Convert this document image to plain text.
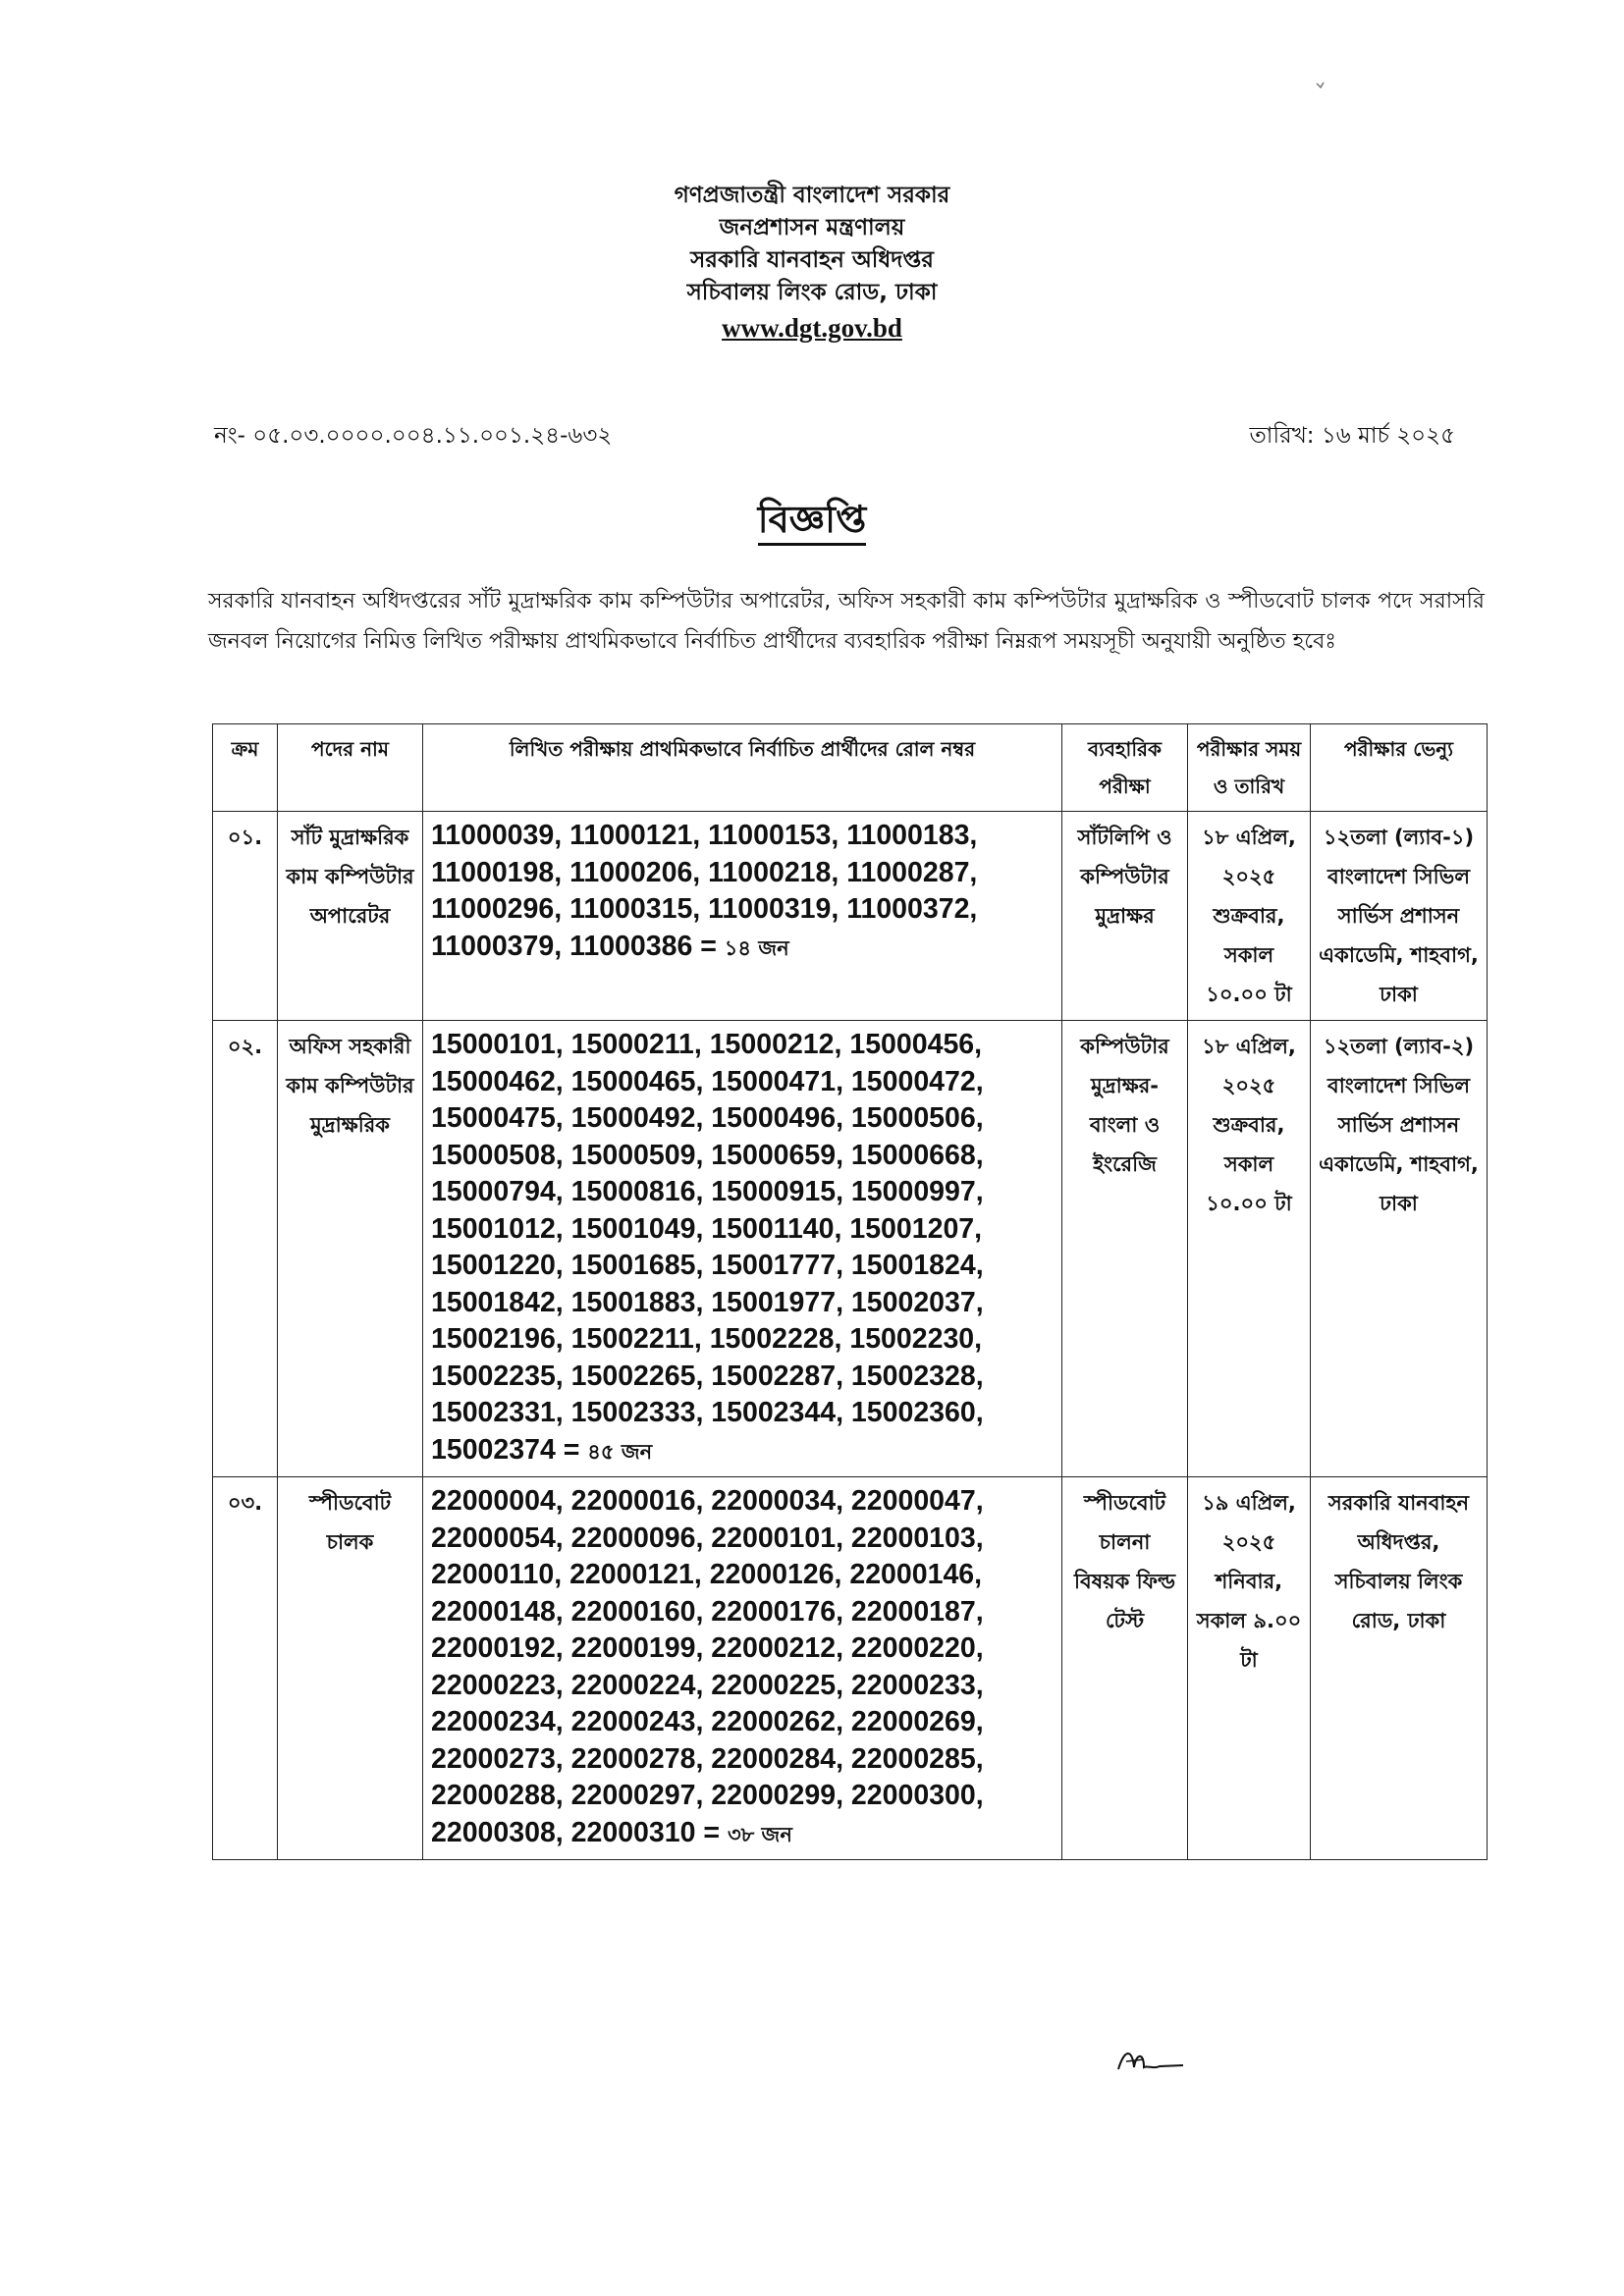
গণপ্রজাতন্ত্রী বাংলাদেশ সরকার
জনপ্রশাসন মন্ত্রণালয়
সরকারি যানবাহন অধিদপ্তর
সচিবালয় লিংক রোড, ঢাকা
www.dgt.gov.bd
নং- ০৫.০৩.০০০০.০০৪.১১.০০১.২৪-৬৩২	তারিখ: ১৬ মার্চ ২০২৫
বিজ্ঞপ্তি
সরকারি যানবাহন অধিদপ্তরের সাঁট মুদ্রাক্ষরিক কাম কম্পিউটার অপারেটর, অফিস সহকারী কাম কম্পিউটার মুদ্রাক্ষরিক ও স্পীডবোট চালক পদে সরাসরি জনবল নিয়োগের নিমিত্ত লিখিত পরীক্ষায় প্রাথমিকভাবে নির্বাচিত প্রার্থীদের ব্যবহারিক পরীক্ষা নিম্নরূপ সময়সূচী অনুযায়ী অনুষ্ঠিত হবেঃ
ক্রম	পদের নাম	লিখিত পরীক্ষায় প্রাথমিকভাবে নির্বাচিত প্রার্থীদের রোল নম্বর	ব্যবহারিক পরীক্ষা	পরীক্ষার সময় ও তারিখ	পরীক্ষার ভেন্যু
০১.	সাঁট মুদ্রাক্ষরিক কাম কম্পিউটার অপারেটর	11000039, 11000121, 11000153, 11000183, 11000198, 11000206, 11000218, 11000287, 11000296, 11000315, 11000319, 11000372, 11000379, 11000386 = ১৪ জন	সাঁটলিপি ও কম্পিউটার মুদ্রাক্ষর	১৮ এপ্রিল, ২০২৫ শুক্রবার, সকাল ১০.০০ টা	১২তলা (ল্যাব-১) বাংলাদেশ সিভিল সার্ভিস প্রশাসন একাডেমি, শাহবাগ, ঢাকা
০২.	অফিস সহকারী কাম কম্পিউটার মুদ্রাক্ষরিক	15000101, 15000211, 15000212, 15000456, 15000462, 15000465, 15000471, 15000472, 15000475, 15000492, 15000496, 15000506, 15000508, 15000509, 15000659, 15000668, 15000794, 15000816, 15000915, 15000997, 15001012, 15001049, 15001140, 15001207, 15001220, 15001685, 15001777, 15001824, 15001842, 15001883, 15001977, 15002037, 15002196, 15002211, 15002228, 15002230, 15002235, 15002265, 15002287, 15002328, 15002331, 15002333, 15002344, 15002360, 15002374 = ৪৫ জন	কম্পিউটার মুদ্রাক্ষর- বাংলা ও ইংরেজি	১৮ এপ্রিল, ২০২৫ শুক্রবার, সকাল ১০.০০ টা	১২তলা (ল্যাব-২) বাংলাদেশ সিভিল সার্ভিস প্রশাসন একাডেমি, শাহবাগ, ঢাকা
০৩.	স্পীডবোট চালক	22000004, 22000016, 22000034, 22000047, 22000054, 22000096, 22000101, 22000103, 22000110, 22000121, 22000126, 22000146, 22000148, 22000160, 22000176, 22000187, 22000192, 22000199, 22000212, 22000220, 22000223, 22000224, 22000225, 22000233, 22000234, 22000243, 22000262, 22000269, 22000273, 22000278, 22000284, 22000285, 22000288, 22000297, 22000299, 22000300, 22000308, 22000310 = ৩৮ জন	স্পীডবোট চালনা বিষয়ক ফিল্ড টেস্ট	১৯ এপ্রিল, ২০২৫ শনিবার, সকাল ৯.০০ টা	সরকারি যানবাহন অধিদপ্তর, সচিবালয় লিংক রোড, ঢাকা
